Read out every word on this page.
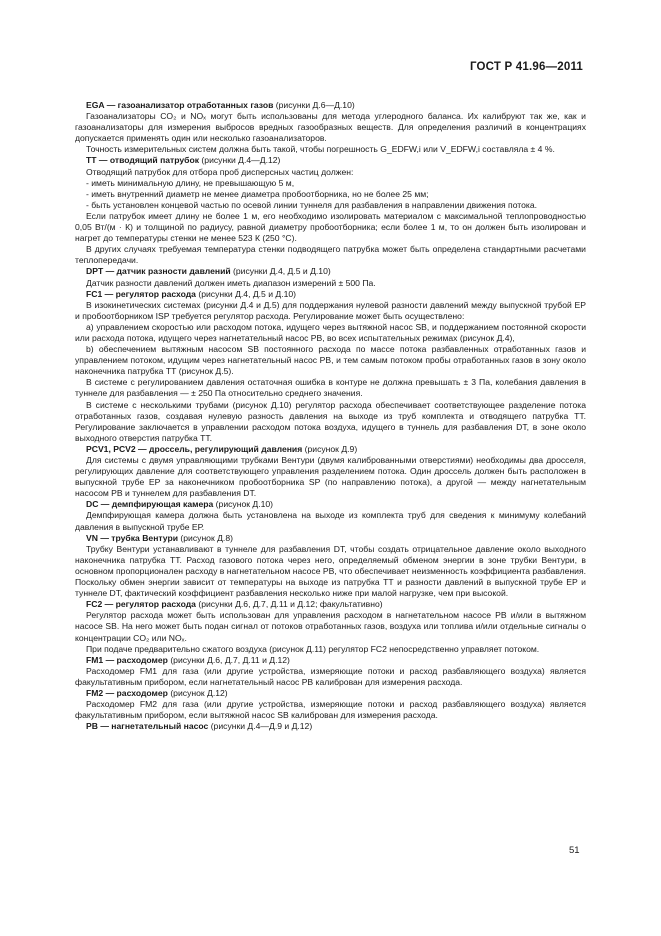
ГОСТ Р 41.96—2011

EGA — газоанализатор отработанных газов (рисунки Д.6—Д.10)

Газоанализаторы CO₂ и NOₓ могут быть использованы для метода углеродного баланса. Их калибруют так же, как и газоанализаторы для измерения выбросов вредных газообразных веществ. Для определения различий в концентрациях допускается применять один или несколько газоанализаторов.

Точность измерительных систем должна быть такой, чтобы погрешность G_EDFW,i или V_EDFW,i составляла ± 4 %.

TT — отводящий патрубок (рисунки Д.4—Д.12)

Отводящий патрубок для отбора проб дисперсных частиц должен:

- иметь минимальную длину, не превышающую 5 м,

- иметь внутренний диаметр не менее диаметра пробоотборника, но не более 25 мм;

- быть установлен концевой частью по осевой линии туннеля для разбавления в направлении движения потока.

Если патрубок имеет длину не более 1 м, его необходимо изолировать материалом с максимальной теплопроводностью 0,05 Вт/(м · К) и толщиной по радиусу, равной диаметру пробоотборника; если более 1 м, то он должен быть изолирован и нагрет до температуры стенки не менее 523 К (250 °С).

В других случаях требуемая температура стенки подводящего патрубка может быть определена стандартными расчетами теплопередачи.

DPT — датчик разности давлений (рисунки Д.4, Д.5 и Д.10)

Датчик разности давлений должен иметь диапазон измерений ± 500 Па.

FC1 — регулятор расхода (рисунки Д.4, Д.5 и Д.10)

В изокинетических системах (рисунки Д.4 и Д.5) для поддержания нулевой разности давлений между выпускной трубой ЕР и пробоотборником ISP требуется регулятор расхода. Регулирование может быть осуществлено:

а) управлением скоростью или расходом потока, идущего через вытяжной насос SB, и поддержанием постоянной скорости или расхода потока, идущего через нагнетательный насос РВ, во всех испытательных режимах (рисунок Д.4),

b) обеспечением вытяжным насосом SB постоянного расхода по массе потока разбавленных отработанных газов и управлением потоком, идущим через нагнетательный насос РВ, и тем самым потоком пробы отработанных газов в зону около наконечника патрубка ТТ (рисунок Д.5).

В системе с регулированием давления остаточная ошибка в контуре не должна превышать ± 3 Па, колебания давления в туннеле для разбавления — ± 250 Па относительно среднего значения.

В системе с несколькими трубами (рисунок Д.10) регулятор расхода обеспечивает соответствующее разделение потока отработанных газов, создавая нулевую разность давления на выходе из труб комплекта и отводящего патрубка ТТ. Регулирование заключается в управлении расходом потока воздуха, идущего в туннель для разбавления DT, в зоне около выходного отверстия патрубка ТТ.

PCV1, PCV2 — дроссель, регулирующий давления (рисунок Д.9)

Для системы с двумя управляющими трубками Вентури (двумя калиброванными отверстиями) необходимы два дросселя, регулирующих давление для соответствующего управления разделением потока. Один дроссель должен быть расположен в выпускной трубе ЕР за наконечником пробоотборника SP (по направлению потока), а другой — между нагнетательным насосом РВ и туннелем для разбавления DT.

DC — демпфирующая камера (рисунок Д.10)

Демпфирующая камера должна быть установлена на выходе из комплекта труб для сведения к минимуму колебаний давления в выпускной трубе ЕР.

VN — трубка Вентури (рисунок Д.8)

Трубку Вентури устанавливают в туннеле для разбавления DT, чтобы создать отрицательное давление около выходного наконечника патрубка ТТ. Расход газового потока через него, определяемый обменом энергии в зоне трубки Вентури, в основном пропорционален расходу в нагнетательном насосе РВ, что обеспечивает неизменность коэффициента разбавления. Поскольку обмен энергии зависит от температуры на выходе из патрубка ТТ и разности давлений в выпускной трубе ЕР и туннеле DT, фактический коэффициент разбавления несколько ниже при малой нагрузке, чем при высокой.

FC2 — регулятор расхода (рисунки Д.6, Д.7, Д.11 и Д.12; факультативно)

Регулятор расхода может быть использован для управления расходом в нагнетательном насосе РВ и/или в вытяжном насосе SB. На него может быть подан сигнал от потоков отработанных газов, воздуха или топлива и/или отдельные сигналы о концентрации CO₂ или NOₓ.

При подаче предварительно сжатого воздуха (рисунок Д.11) регулятор FC2 непосредственно управляет потоком.

FM1 — расходомер (рисунки Д.6, Д.7, Д.11 и Д.12)

Расходомер FM1 для газа (или другие устройства, измеряющие потоки и расход разбавляющего воздуха) является факультативным прибором, если нагнетательный насос РВ калиброван для измерения расхода.

FM2 — расходомер (рисунок Д.12)

Расходомер FM2 для газа (или другие устройства, измеряющие потоки и расход разбавляющего воздуха) является факультативным прибором, если вытяжной насос SB калиброван для измерения расхода.

PB — нагнетательный насос (рисунки Д.4—Д.9 и Д.12)

51
